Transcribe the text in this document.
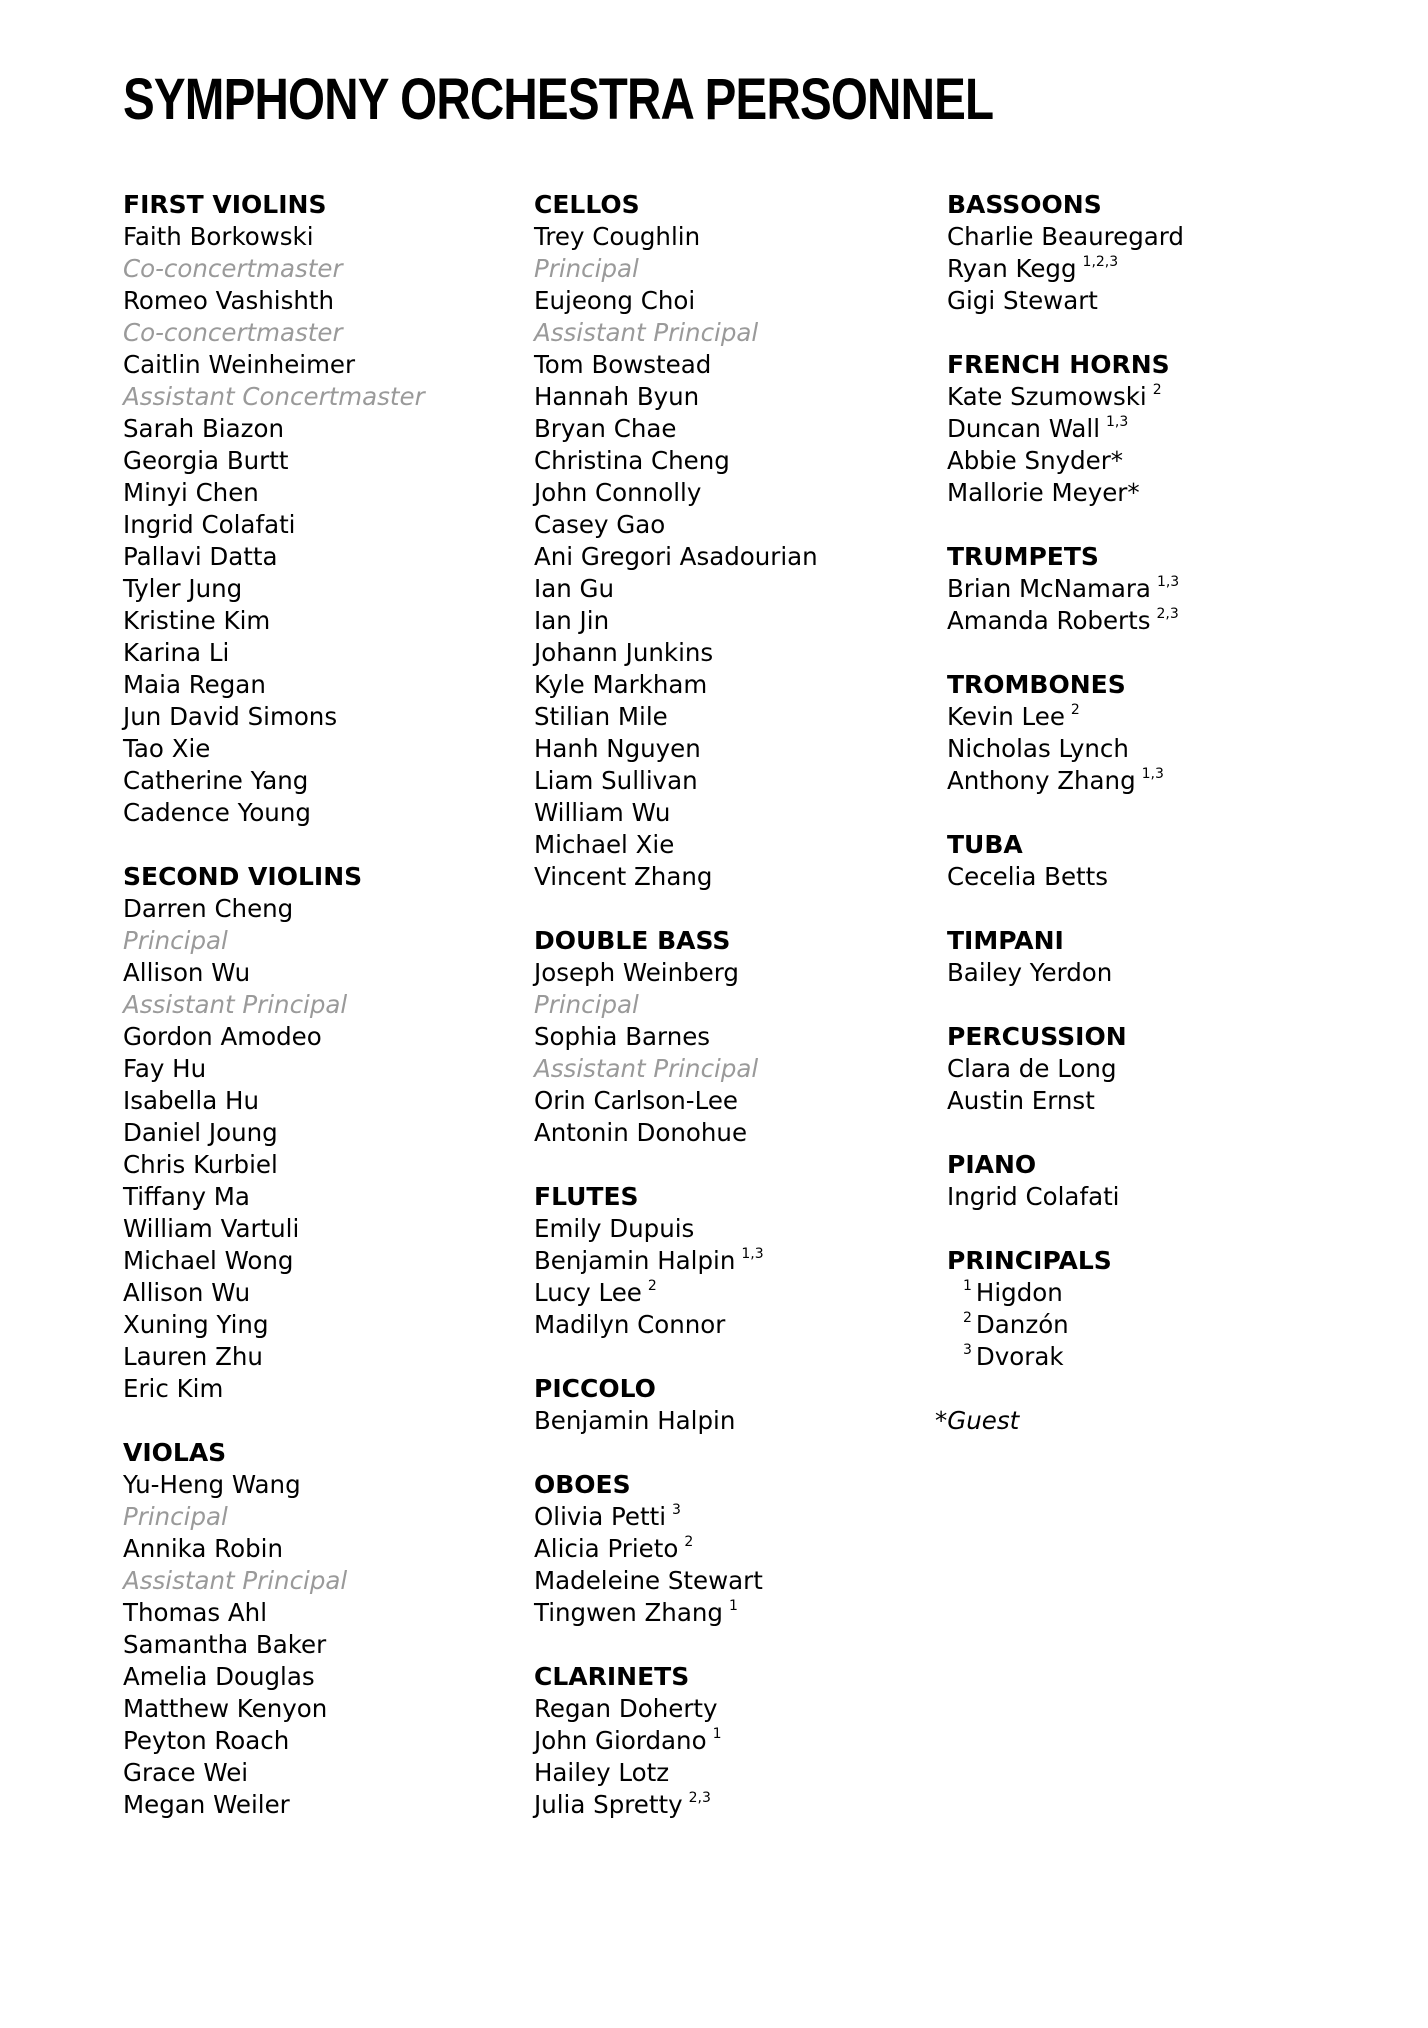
SYMPHONY ORCHESTRA PERSONNEL
FIRST VIOLINS
Faith Borkowski
Co-concertmaster
Romeo Vashishth
Co-concertmaster
Caitlin Weinheimer
Assistant Concertmaster
Sarah Biazon
Georgia Burtt
Minyi Chen
Ingrid Colafati
Pallavi Datta
Tyler Jung
Kristine Kim
Karina Li
Maia Regan
Jun David Simons
Tao Xie
Catherine Yang
Cadence Young
SECOND VIOLINS
Darren Cheng
Principal
Allison Wu
Assistant Principal
Gordon Amodeo
Fay Hu
Isabella Hu
Daniel Joung
Chris Kurbiel
Tiffany Ma
William Vartuli
Michael Wong
Allison Wu
Xuning Ying
Lauren Zhu
Eric Kim
VIOLAS
Yu-Heng Wang
Principal
Annika Robin
Assistant Principal
Thomas Ahl
Samantha Baker
Amelia Douglas
Matthew Kenyon
Peyton Roach
Grace Wei
Megan Weiler
CELLOS
Trey Coughlin
Principal
Eujeong Choi
Assistant Principal
Tom Bowstead
Hannah Byun
Bryan Chae
Christina Cheng
John Connolly
Casey Gao
Ani Gregori Asadourian
Ian Gu
Ian Jin
Johann Junkins
Kyle Markham
Stilian Mile
Hanh Nguyen
Liam Sullivan
William Wu
Michael Xie
Vincent Zhang
DOUBLE BASS
Joseph Weinberg
Principal
Sophia Barnes
Assistant Principal
Orin Carlson-Lee
Antonin Donohue
FLUTES
Emily Dupuis
Benjamin Halpin $^{1,3}$
Lucy Lee $^2$
Madilyn Connor
PICCOLO
Benjamin Halpin
OBOES
Olivia Petti $^3$
Alicia Prieto $^2$
Madeleine Stewart
Tingwen Zhang $^1$
CLARINETS
Regan Doherty
John Giordano $^1$
Hailey Lotz
Julia Spretty $^{2,3}$
BASSOONS
Charlie Beauregard
Ryan Kegg $^{1,2,3}$
Gigi Stewart
FRENCH HORNS
Kate Szumowski $^2$
Duncan Wall $^{1,3}$
Abbie Snyder*
Mallorie Meyer*
TRUMPETS
Brian McNamara $^{1,3}$
Amanda Roberts $^{2,3}$
TROMBONES
Kevin Lee $^2$
Nicholas Lynch
Anthony Zhang $^{1,3}$
TUBA
Cecelia Betts
TIMPANI
Bailey Yerdon
PERCUSSION
Clara de Long
Austin Ernst
PIANO
Ingrid Colafati
PRINCIPALS
$^1$ Higdon
$^2$ Danzón
$^3$ Dvorak
*Guest
